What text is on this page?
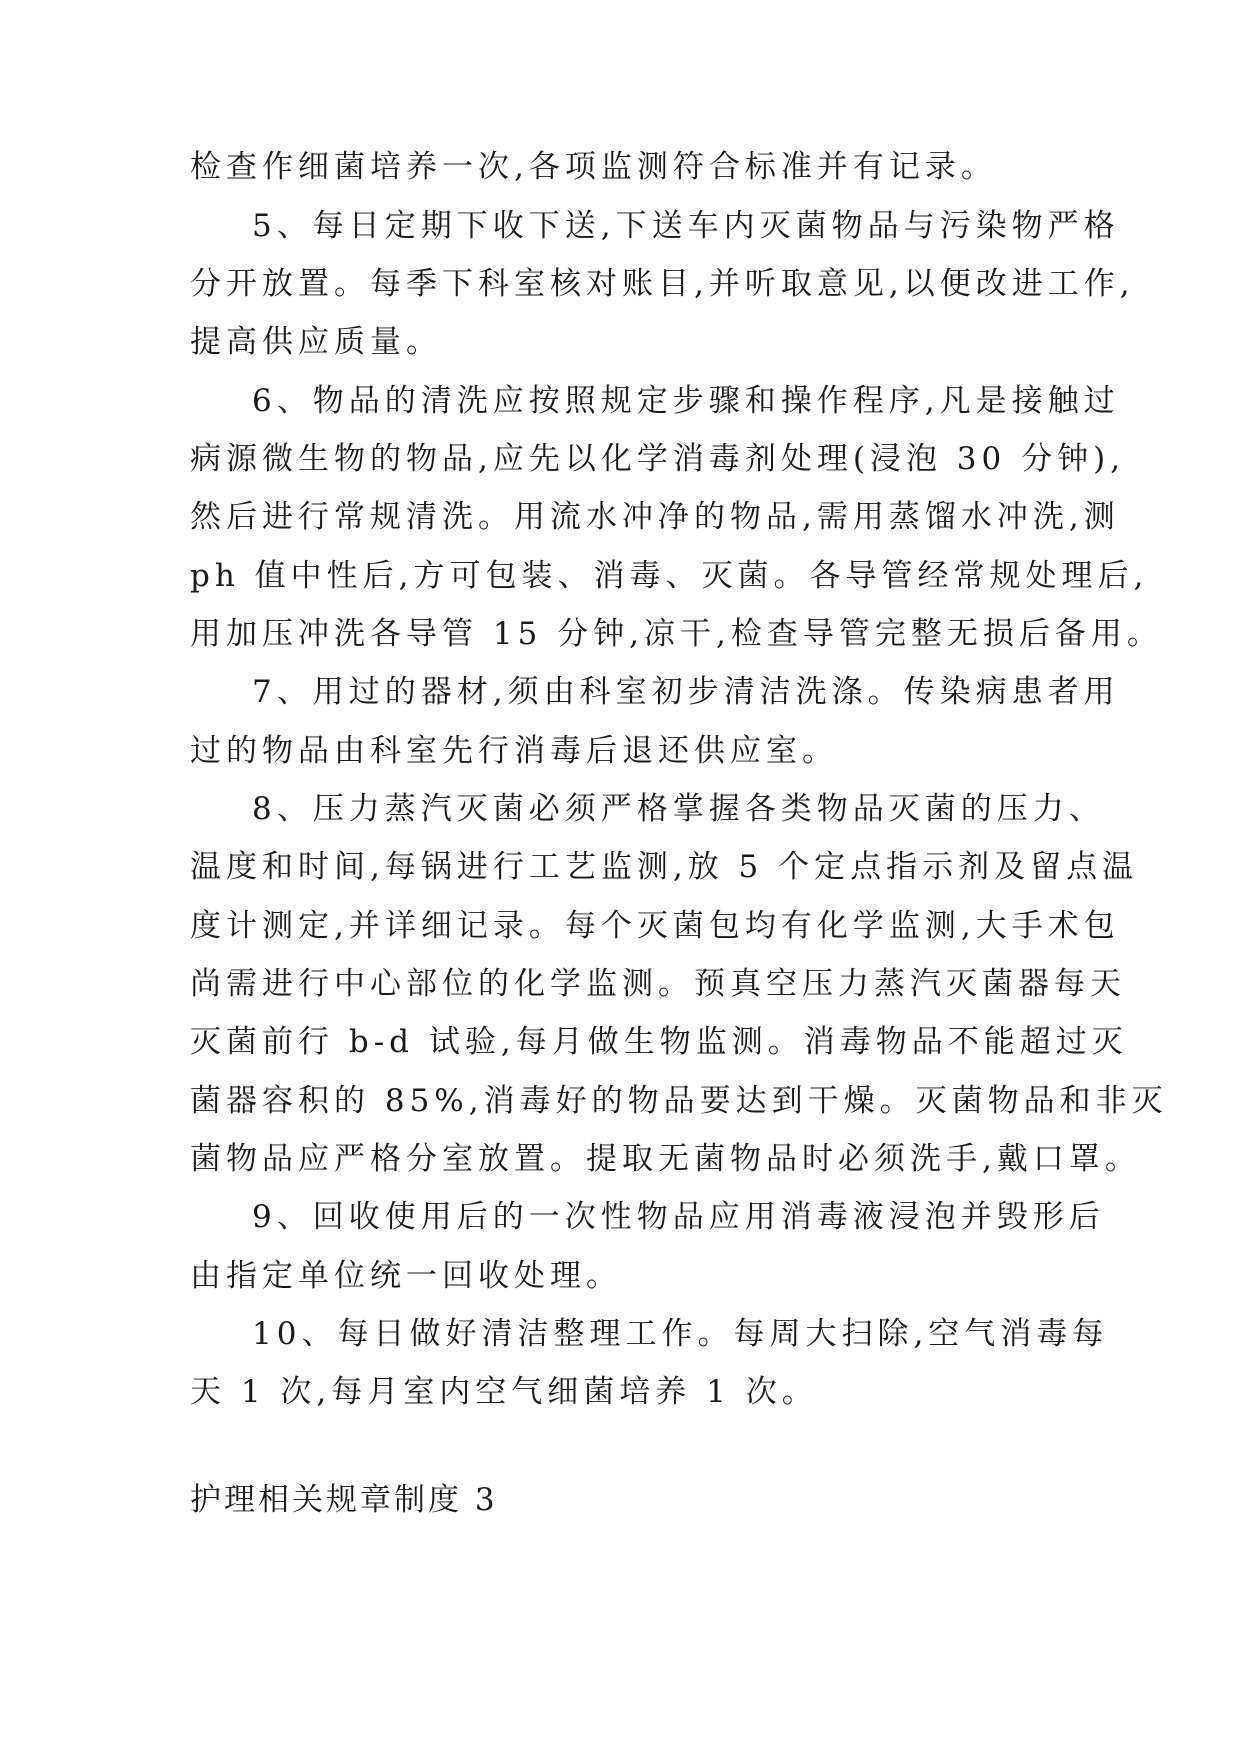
检查作细菌培养一次,各项监测符合标准并有记录。
5、每日定期下收下送,下送车内灭菌物品与污染物严格
分开放置。每季下科室核对账目,并听取意见,以便改进工作,
提高供应质量。
6、物品的清洗应按照规定步骤和操作程序,凡是接触过
病源微生物的物品,应先以化学消毒剂处理(浸泡 30 分钟),
然后进行常规清洗。用流水冲净的物品,需用蒸馏水冲洗,测
ph 值中性后,方可包装、消毒、灭菌。各导管经常规处理后,
用加压冲洗各导管 15 分钟,凉干,检查导管完整无损后备用。
7、用过的器材,须由科室初步清洁洗涤。传染病患者用
过的物品由科室先行消毒后退还供应室。
8、压力蒸汽灭菌必须严格掌握各类物品灭菌的压力、
温度和时间,每锅进行工艺监测,放 5 个定点指示剂及留点温
度计测定,并详细记录。每个灭菌包均有化学监测,大手术包
尚需进行中心部位的化学监测。预真空压力蒸汽灭菌器每天
灭菌前行 b-d 试验,每月做生物监测。消毒物品不能超过灭
菌器容积的 85%,消毒好的物品要达到干燥。灭菌物品和非灭
菌物品应严格分室放置。提取无菌物品时必须洗手,戴口罩。
9、回收使用后的一次性物品应用消毒液浸泡并毁形后
由指定单位统一回收处理。
10、每日做好清洁整理工作。每周大扫除,空气消毒每
天 1 次,每月室内空气细菌培养 1 次。
护理相关规章制度 3
